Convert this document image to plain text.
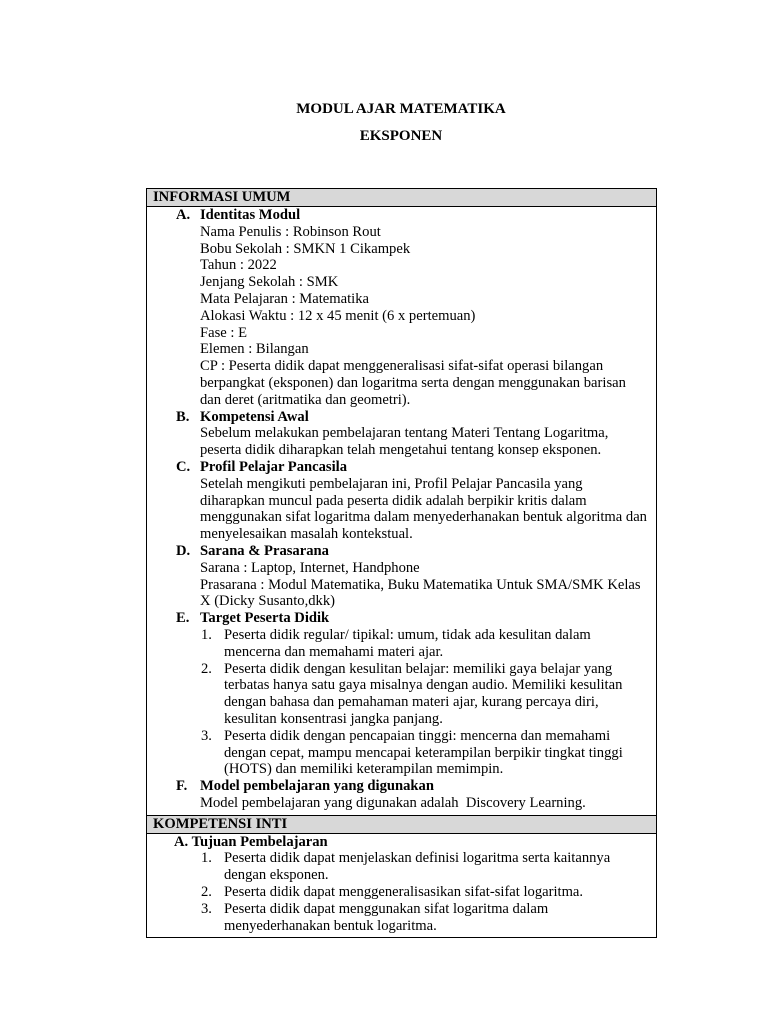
MODUL AJAR MATEMATIKA
EKSPONEN
INFORMASI UMUM
A. Identitas Modul
Nama Penulis : Robinson Rout
Bobu Sekolah : SMKN 1 Cikampek
Tahun : 2022
Jenjang Sekolah : SMK
Mata Pelajaran : Matematika
Alokasi Waktu : 12 x 45 menit (6 x pertemuan)
Fase : E
Elemen : Bilangan
CP : Peserta didik dapat menggeneralisasi sifat-sifat operasi bilangan berpangkat (eksponen) dan logaritma serta dengan menggunakan barisan dan deret (aritmatika dan geometri).
B. Kompetensi Awal
Sebelum melakukan pembelajaran tentang Materi Tentang Logaritma, peserta didik diharapkan telah mengetahui tentang konsep eksponen.
C. Profil Pelajar Pancasila
Setelah mengikuti pembelajaran ini, Profil Pelajar Pancasila yang diharapkan muncul pada peserta didik adalah berpikir kritis dalam menggunakan sifat logaritma dalam menyederhanakan bentuk algoritma dan menyelesaikan masalah kontekstual.
D. Sarana & Prasarana
Sarana : Laptop, Internet, Handphone
Prasarana : Modul Matematika, Buku Matematika Untuk SMA/SMK Kelas X (Dicky Susanto,dkk)
E. Target Peserta Didik
1. Peserta didik regular/ tipikal: umum, tidak ada kesulitan dalam mencerna dan memahami materi ajar.
2. Peserta didik dengan kesulitan belajar: memiliki gaya belajar yang terbatas hanya satu gaya misalnya dengan audio. Memiliki kesulitan dengan bahasa dan pemahaman materi ajar, kurang percaya diri, kesulitan konsentrasi jangka panjang.
3. Peserta didik dengan pencapaian tinggi: mencerna dan memahami dengan cepat, mampu mencapai keterampilan berpikir tingkat tinggi (HOTS) dan memiliki keterampilan memimpin.
F. Model pembelajaran yang digunakan
Model pembelajaran yang digunakan adalah  Discovery Learning.
KOMPETENSI INTI
A. Tujuan Pembelajaran
1. Peserta didik dapat menjelaskan definisi logaritma serta kaitannya dengan eksponen.
2. Peserta didik dapat menggeneralisasikan sifat-sifat logaritma.
3. Peserta didik dapat menggunakan sifat logaritma dalam menyederhanakan bentuk logaritma.
